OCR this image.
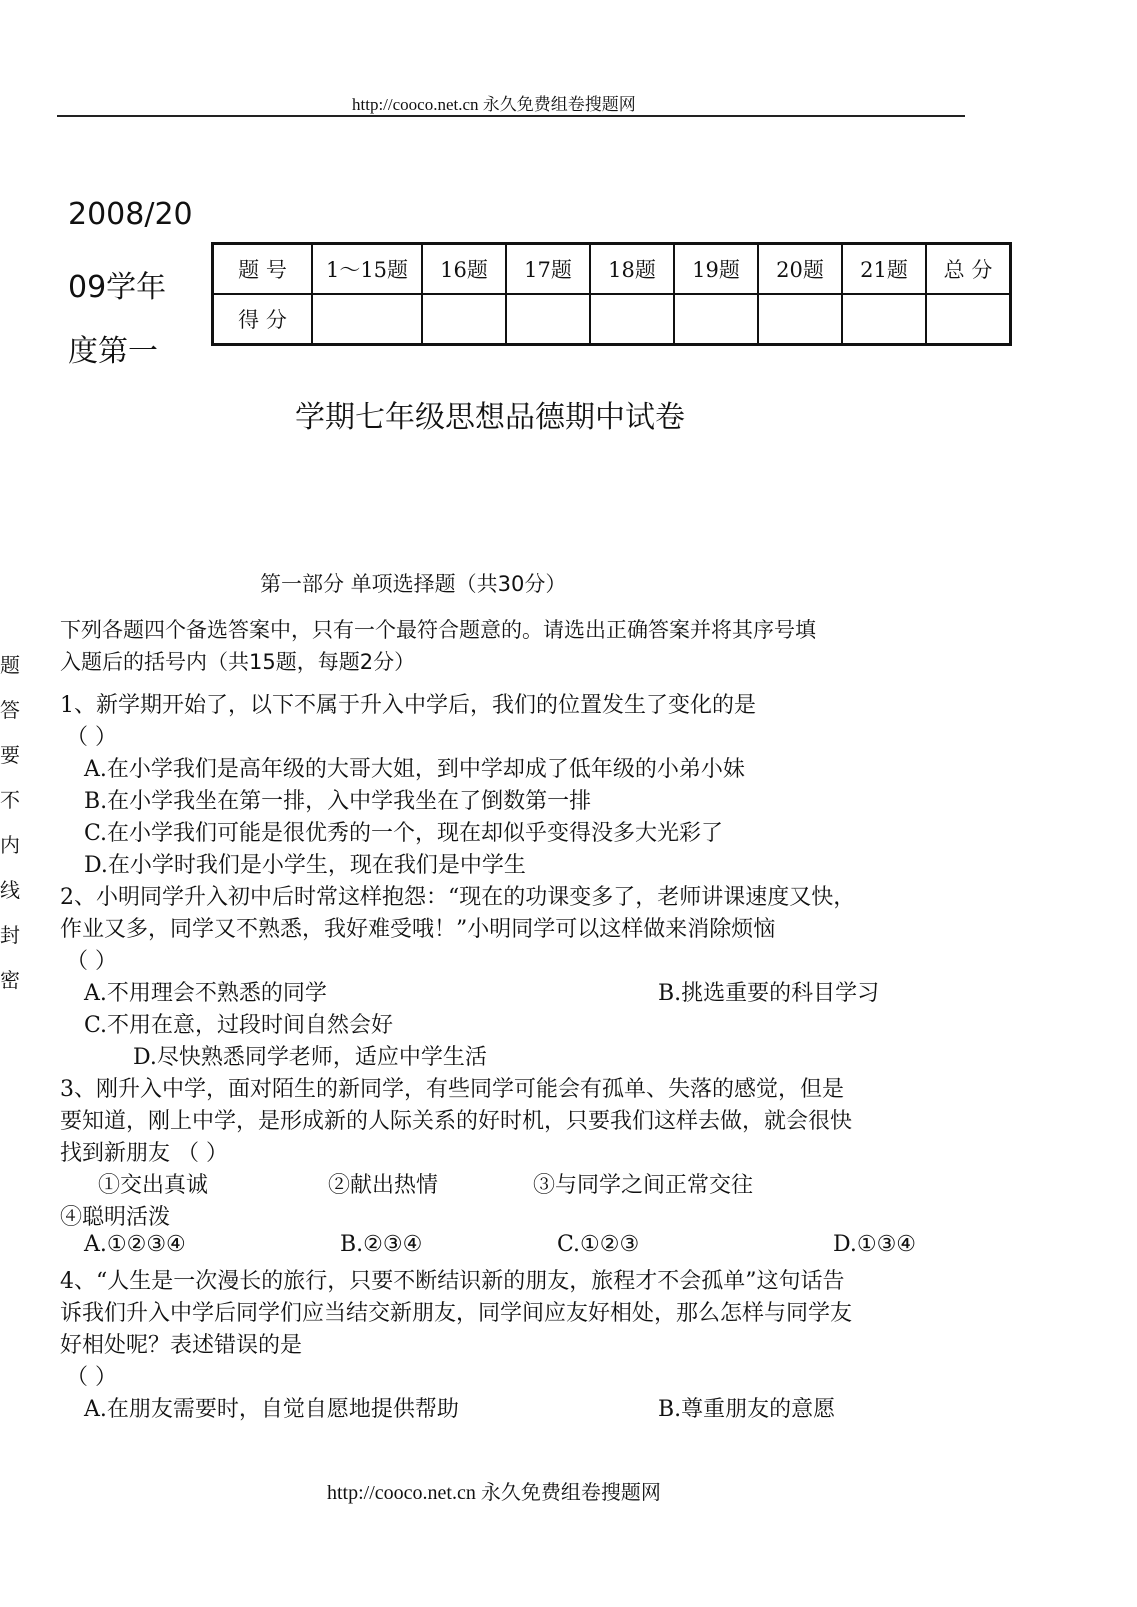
http://cooco.net.cn 永久免费组卷搜题网
2008/20
09学年
度第一
题 号	1～15题	16题	17题	18题	19题	20题	21题	总 分
得 分								
学期七年级思想品德期中试卷
题
答
要
不
内
线
封
密
第一部分 单项选择题（共30分）
下列各题四个备选答案中，只有一个最符合题意的。请选出正确答案并将其序号填
入题后的括号内（共15题，每题2分）
1、新学期开始了，以下不属于升入中学后，我们的位置发生了变化的是
（ ）
A.在小学我们是高年级的大哥大姐，到中学却成了低年级的小弟小妹
B.在小学我坐在第一排，入中学我坐在了倒数第一排
C.在小学我们可能是很优秀的一个，现在却似乎变得没多大光彩了
D.在小学时我们是小学生，现在我们是中学生
2、小明同学升入初中后时常这样抱怨：“现在的功课变多了，老师讲课速度又快，
作业又多，同学又不熟悉，我好难受哦！”小明同学可以这样做来消除烦恼
（ ）
A.不用理会不熟悉的同学	B.挑选重要的科目学习
C.不用在意，过段时间自然会好
D.尽快熟悉同学老师，适应中学生活
3、刚升入中学，面对陌生的新同学，有些同学可能会有孤单、失落的感觉，但是
要知道，刚上中学，是形成新的人际关系的好时机，只要我们这样去做，就会很快
找到新朋友 （ ）
①交出真诚	②献出热情	③与同学之间正常交往
④聪明活泼
A.①②③④	B.②③④	C.①②③	D.①③④
4、“人生是一次漫长的旅行，只要不断结识新的朋友，旅程才不会孤单”这句话告
诉我们升入中学后同学们应当结交新朋友，同学间应友好相处，那么怎样与同学友
好相处呢？表述错误的是
（ ）
A.在朋友需要时，自觉自愿地提供帮助	B.尊重朋友的意愿
http://cooco.net.cn 永久免费组卷搜题网
